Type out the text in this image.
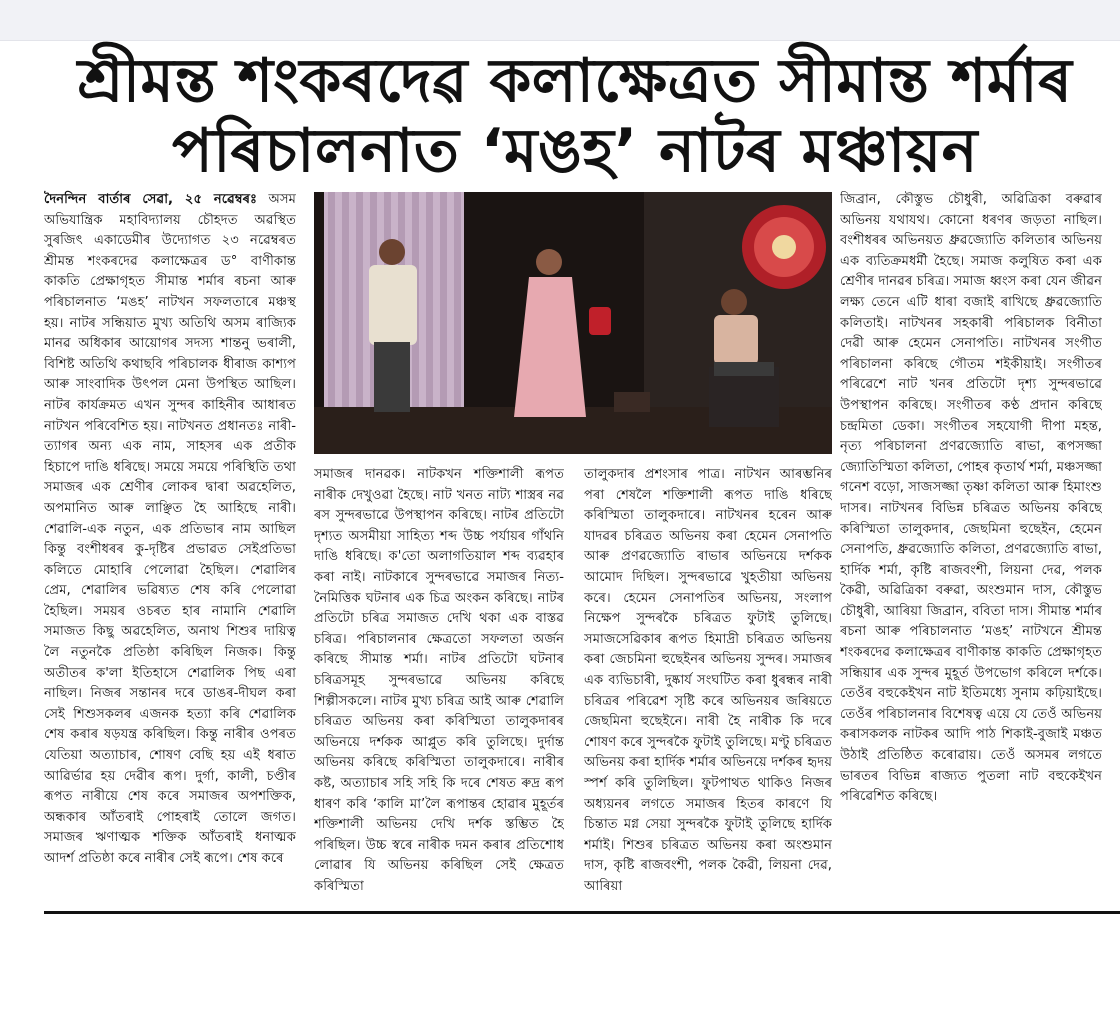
শ্ৰীমন্ত শংকৰদেৱ কলাক্ষেত্ৰত সীমান্ত শৰ্মাৰ
পৰিচালনাত ‘মঙহ’ নাটৰ মঞ্চায়ন

দৈনন্দিন বাৰ্তাৰ সেৱা, ২৫ নৱেম্বৰঃ অসম অভিযান্ত্ৰিক মহাবিদ্যালয় চৌহদত অৱস্থিত সুৰজিৎ একাডেমীৰ উদ্যোগত ২৩ নৱেম্বৰত শ্ৰীমন্ত শংকৰদেৱ কলাক্ষেত্ৰৰ ড° বাণীকান্ত কাকতি প্ৰেক্ষাগৃহত সীমান্ত শৰ্মাৰ ৰচনা আৰু পৰিচালনাত ‘মঙহ’ নাটখন সফলতাৰে মঞ্চস্থ হয়। নাটৰ সন্ধিয়াত মুখ্য অতিথি অসম ৰাজ্যিক মানৱ অধিকাৰ আয়োগৰ সদস্য শান্তনু ভৰালী, বিশিষ্ট অতিথি কথাছবি পৰিচালক ধীৰাজ কাশ্যপ আৰু সাংবাদিক উৎপল মেনা উপস্থিত আছিল। নাটৰ কাৰ্যক্ৰমত এখন সুন্দৰ কাহিনীৰ আধাৰত নাটখন পৰিবেশিত হয়। নাটখনত প্ৰধানতঃ নাৰী- ত্যাগৰ অন্য এক নাম, সাহসৰ এক প্ৰতীক হিচাপে দাঙি ধৰিছে। সময়ে সময়ে পৰিস্থিতি তথা সমাজৰ এক শ্ৰেণীৰ লোকৰ দ্বাৰা অৱহেলিত, অপমানিত আৰু লাঞ্ছিত হৈ আহিছে নাৰী। শেৱালি-এক নতুন, এক প্ৰতিভাৰ নাম আছিল কিন্তু বংশীধৰৰ কু-দৃষ্টিৰ প্ৰভাৱত সেইপ্ৰতিভা কলিতে মোহাৰি পেলোৱা হৈছিল। শেৱালিৰ প্ৰেম, শেৱালিৰ ভৱিষ্যত শেষ কৰি পেলোৱা হৈছিল। সময়ৰ ওচৰত হাৰ নামানি শেৱালি সমাজত কিছু অৱহেলিত, অনাথ শিশুৰ দায়িত্ব লৈ নতুনকৈ প্ৰতিষ্ঠা কৰিছিল নিজক। কিন্তু অতীতৰ ক'লা ইতিহাসে শেৱালিক পিছ এৰা নাছিল। নিজৰ সন্তানৰ দৰে ডাঙৰ-দীঘল কৰা সেই শিশুসকলৰ এজনক হত্যা কৰি শেৱালিক শেষ কৰাৰ ষড়যন্ত্ৰ কৰিছিল। কিন্তু নাৰীৰ ওপৰত যেতিয়া অত্যাচাৰ, শোষণ বেছি হয় এই ধৰাত আৱিৰ্ভাৱ হয় দেৱীৰ ৰূপ। দুৰ্গা, কালী, চণ্ডীৰ ৰূপত নাৰীয়ে শেষ কৰে সমাজৰ অপশক্তিক, অন্ধকাৰ আঁতৰাই পোহৰাই তোলে জগত। সমাজৰ ঋণাত্মক শক্তিক আঁতৰাই ধনাত্মক আদৰ্শ প্ৰতিষ্ঠা কৰে নাৰীৰ সেই ৰূপে। শেষ কৰে

সমাজৰ দানৱক। নাটকখন শক্তিশালী ৰূপত নাৰীক দেখুওৱা হৈছে। নাট খনত নাট্য শাস্ত্ৰৰ নৱ ৰস সুন্দৰভাৱে উপস্থাপন কৰিছে। নাটৰ প্ৰতিটো দৃশ্যত অসমীয়া সাহিত্য শব্দ উচ্চ পৰ্যায়ৰ গাঁথনি দাঙি ধৰিছে। ক'তো অলাগতিয়াল শব্দ ব্যৱহাৰ কৰা নাই। নাটকাৰে সুন্দৰভাৱে সমাজৰ নিত্য-নৈমিত্তিক ঘটনাৰ এক চিত্ৰ অংকন কৰিছে। নাটৰ প্ৰতিটো চৰিত্ৰ সমাজত দেখি থকা এক বাস্তৱ চৰিত্ৰ। পৰিচালনাৰ ক্ষেত্ৰতো সফলতা অৰ্জন কৰিছে সীমান্ত শৰ্মা। নাটৰ প্ৰতিটো ঘটনাৰ চৰিত্ৰসমূহ সুন্দৰভাৱে অভিনয় কৰিছে শিল্পীসকলে। নাটৰ মুখ্য চৰিত্ৰ আই আৰু শেৱালি চৰিত্ৰত অভিনয় কৰা কৰিস্মিতা তালুকদাৰৰ অভিনয়ে দৰ্শকক আপ্লুত কৰি তুলিছে। দুৰ্দান্ত অভিনয় কৰিছে কৰিস্মিতা তালুকদাৰে। নাৰীৰ কষ্ট, অত্যাচাৰ সহি সহি কি দৰে শেষত ৰুদ্ৰ ৰূপ ধাৰণ কৰি ‘কালি মা’লৈ ৰূপান্তৰ হোৱাৰ মুহূৰ্তৰ শক্তিশালী অভিনয় দেখি দৰ্শক স্তম্ভিত হৈ পৰিছিল। উচ্চ স্বৰে নাৰীক দমন কৰাৰ প্ৰতিশোধ লোৱাৰ যি অভিনয় কৰিছিল সেই ক্ষেত্ৰত কৰিস্মিতা

তালুকদাৰ প্ৰশংসাৰ পাত্ৰ। নাটখন আৰম্ভনিৰ পৰা শেষলৈ শক্তিশালী ৰূপত দাঙি ধৰিছে কৰিস্মিতা তালুকদাৰে। নাটখনৰ হৰেন আৰু যাদৱৰ চৰিত্ৰত অভিনয় কৰা হেমেন সেনাপতি আৰু প্ৰণৱজ্যোতি ৰাভাৰ অভিনয়ে দৰ্শকক আমোদ দিছিল। সুন্দৰভাৱে খুহতীয়া অভিনয় কৰে। হেমেন সেনাপতিৰ অভিনয়, সংলাপ নিক্ষেপ সুন্দৰকৈ চৰিত্ৰত ফুটাই তুলিছে। সমাজসেৱিকাৰ ৰূপত হিমাদ্ৰী চৰিত্ৰত অভিনয় কৰা জেচমিনা হুছেইনৰ অভিনয় সুন্দৰ। সমাজৰ এক ব্যভিচাৰী, দুষ্কাৰ্য সংঘটিত কৰা ধুৰন্ধৰ নাৰী চৰিত্ৰৰ পৰিৱেশ সৃষ্টি কৰে অভিনয়ৰ জৰিয়তে জেছমিনা হুছেইনে। নাৰী হৈ নাৰীক কি দৰে শোষণ কৰে সুন্দৰকৈ ফুটাই তুলিছে। মণ্টু চৰিত্ৰত অভিনয় কৰা হাৰ্দিক শৰ্মাৰ অভিনয়ে দৰ্শকৰ হৃদয় স্পৰ্শ কৰি তুলিছিল। ফুটপাথত থাকিও নিজৰ অধ্যয়নৰ লগতে সমাজৰ হিতৰ কাৰণে যি চিন্তাত মগ্ন সেয়া সুন্দৰকৈ ফুটাই তুলিছে হাৰ্দিক শৰ্মাই। শিশুৰ চৰিত্ৰত অভিনয় কৰা অংশুমান দাস, কৃষ্টি ৰাজবংশী, পলক কৈৱী, লিয়না দেৱ, আৰিয়া

জিব্ৰান, কৌস্তুভ চৌধুৰী, অৱিত্ৰিকা বৰুৱাৰ অভিনয় যথাযথ। কোনো ধৰণৰ জড়তা নাছিল। বংশীধৰৰ অভিনয়ত ধ্ৰুৱজ্যোতি কলিতাৰ অভিনয় এক ব্যতিক্ৰমধৰ্মী হৈছে। সমাজ কলুষিত কৰা এক শ্ৰেণীৰ দানৱৰ চৰিত্ৰ। সমাজ ধ্বংস কৰা যেন জীৱন লক্ষ্য তেনে এটি ধাৰা বজাই ৰাখিছে ধ্ৰুৱজ্যোতি কলিতাই। নাটখনৰ সহকাৰী পৰিচালক বিনীতা দেৱী আৰু হেমেন সেনাপতি। নাটখনৰ সংগীত পৰিচালনা কৰিছে গৌতম শইকীয়াই। সংগীতৰ পৰিৱেশে নাট খনৰ প্ৰতিটো দৃশ্য সুন্দৰভাৱে উপস্থাপন কৰিছে। সংগীতৰ কণ্ঠ প্ৰদান কৰিছে চন্দ্ৰমিতা ডেকা। সংগীতৰ সহযোগী দীপা মহন্ত, নৃত্য পৰিচালনা প্ৰণৱজ্যোতি ৰাভা, ৰূপসজ্জা জ্যোতিস্মিতা কলিতা, পোহৰ কৃতাৰ্থ শৰ্মা, মঞ্চসজ্জা গনেশ বড়ো, সাজসজ্জা তৃষ্ণা কলিতা আৰু হিমাংশু দাসৰ। নাটখনৰ বিভিন্ন চৰিত্ৰত অভিনয় কৰিছে কৰিস্মিতা তালুকদাৰ, জেছমিনা হুছেইন, হেমেন সেনাপতি, ধ্ৰুৱজ্যোতি কলিতা, প্ৰণৱজ্যোতি ৰাভা, হাৰ্দিক শৰ্মা, কৃষ্টি ৰাজবংশী, লিয়না দেৱ, পলক কৈৱী, অৱিত্ৰিকা বৰুৱা, অংশুমান দাস, কৌস্তুভ চৌধুৰী, আৰিয়া জিব্ৰান, ববিতা দাস। সীমান্ত শৰ্মাৰ ৰচনা আৰু পৰিচালনাত ‘মঙহ’ নাটখনে শ্ৰীমন্ত শংকৰদেৱ কলাক্ষেত্ৰৰ বাণীকান্ত কাকতি প্ৰেক্ষাগৃহত সন্ধিয়াৰ এক সুন্দৰ মুহূৰ্ত উপভোগ কৰিলে দৰ্শকে। তেওঁৰ বহুকেইখন নাট ইতিমধ্যে সুনাম কঢ়িয়াইছে। তেওঁৰ পৰিচালনাৰ বিশেষত্ব এয়ে যে তেওঁ অভিনয় কৰাসকলক নাটকৰ আদি পাঠ শিকাই-বুজাই মঞ্চত উঠাই প্ৰতিষ্ঠিত কৰোৱায়। তেওঁ অসমৰ লগতে ভাৰতৰ বিভিন্ন ৰাজ্যত পুতলা নাট বহুকেইখন পৰিৱেশিত কৰিছে।
